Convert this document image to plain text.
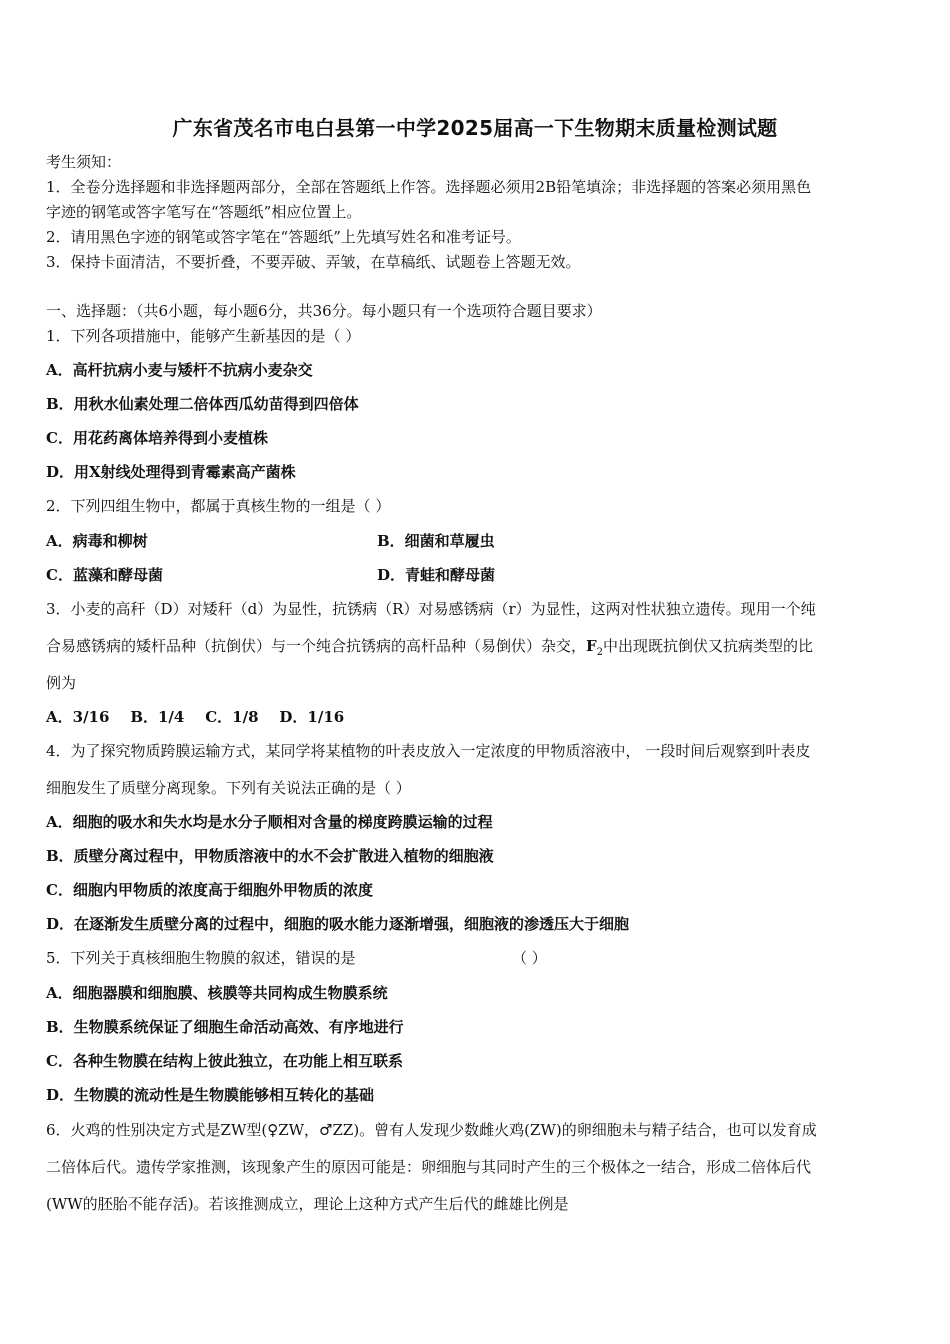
广东省茂名市电白县第一中学2025届高一下生物期末质量检测试题
考生须知：
1．全卷分选择题和非选择题两部分，全部在答题纸上作答。选择题必须用2B铅笔填涂；非选择题的答案必须用黑色
字迹的钢笔或答字笔写在“答题纸”相应位置上。
2．请用黑色字迹的钢笔或答字笔在“答题纸”上先填写姓名和准考证号。
3．保持卡面清洁，不要折叠，不要弄破、弄皱，在草稿纸、试题卷上答题无效。
一、选择题：（共6小题，每小题6分，共36分。每小题只有一个选项符合题目要求）
1．下列各项措施中，能够产生新基因的是（ ）
A．高杆抗病小麦与矮杆不抗病小麦杂交
B．用秋水仙素处理二倍体西瓜幼苗得到四倍体
C．用花药离体培养得到小麦植株
D．用X射线处理得到青霉素高产菌株
2．下列四组生物中，都属于真核生物的一组是（ ）
A．病毒和柳树	B．细菌和草履虫
C．蓝藻和酵母菌	D．青蛙和酵母菌
3．小麦的高秆（D）对矮秆（d）为显性，抗锈病（R）对易感锈病（r）为显性，这两对性状独立遗传。现用一个纯
合易感锈病的矮杆品种（抗倒伏）与一个纯合抗锈病的高杆品种（易倒伏）杂交，$F_2$中出现既抗倒伏又抗病类型的比
例为
A．3/16    B．1/4    C．1/8    D．1/16
4．为了探究物质跨膜运输方式，某同学将某植物的叶表皮放入一定浓度的甲物质溶液中， 一段时间后观察到叶表皮
细胞发生了质壁分离现象。下列有关说法正确的是（ ）
A．细胞的吸水和失水均是水分子顺相对含量的梯度跨膜运输的过程
B．质壁分离过程中，甲物质溶液中的水不会扩散进入植物的细胞液
C．细胞内甲物质的浓度高于细胞外甲物质的浓度
D．在逐渐发生质壁分离的过程中，细胞的吸水能力逐渐增强，细胞液的渗透压大于细胞
5．下列关于真核细胞生物膜的叙述，错误的是	（ ）
A．细胞器膜和细胞膜、核膜等共同构成生物膜系统
B．生物膜系统保证了细胞生命活动高效、有序地进行
C．各种生物膜在结构上彼此独立，在功能上相互联系
D．生物膜的流动性是生物膜能够相互转化的基础
6．火鸡的性别决定方式是ZW型(♀ZW，♂ZZ)。曾有人发现少数雌火鸡(ZW)的卵细胞未与精子结合，也可以发育成
二倍体后代。遗传学家推测，该现象产生的原因可能是：卵细胞与其同时产生的三个极体之一结合，形成二倍体后代
(WW的胚胎不能存活)。若该推测成立，理论上这种方式产生后代的雌雄比例是
